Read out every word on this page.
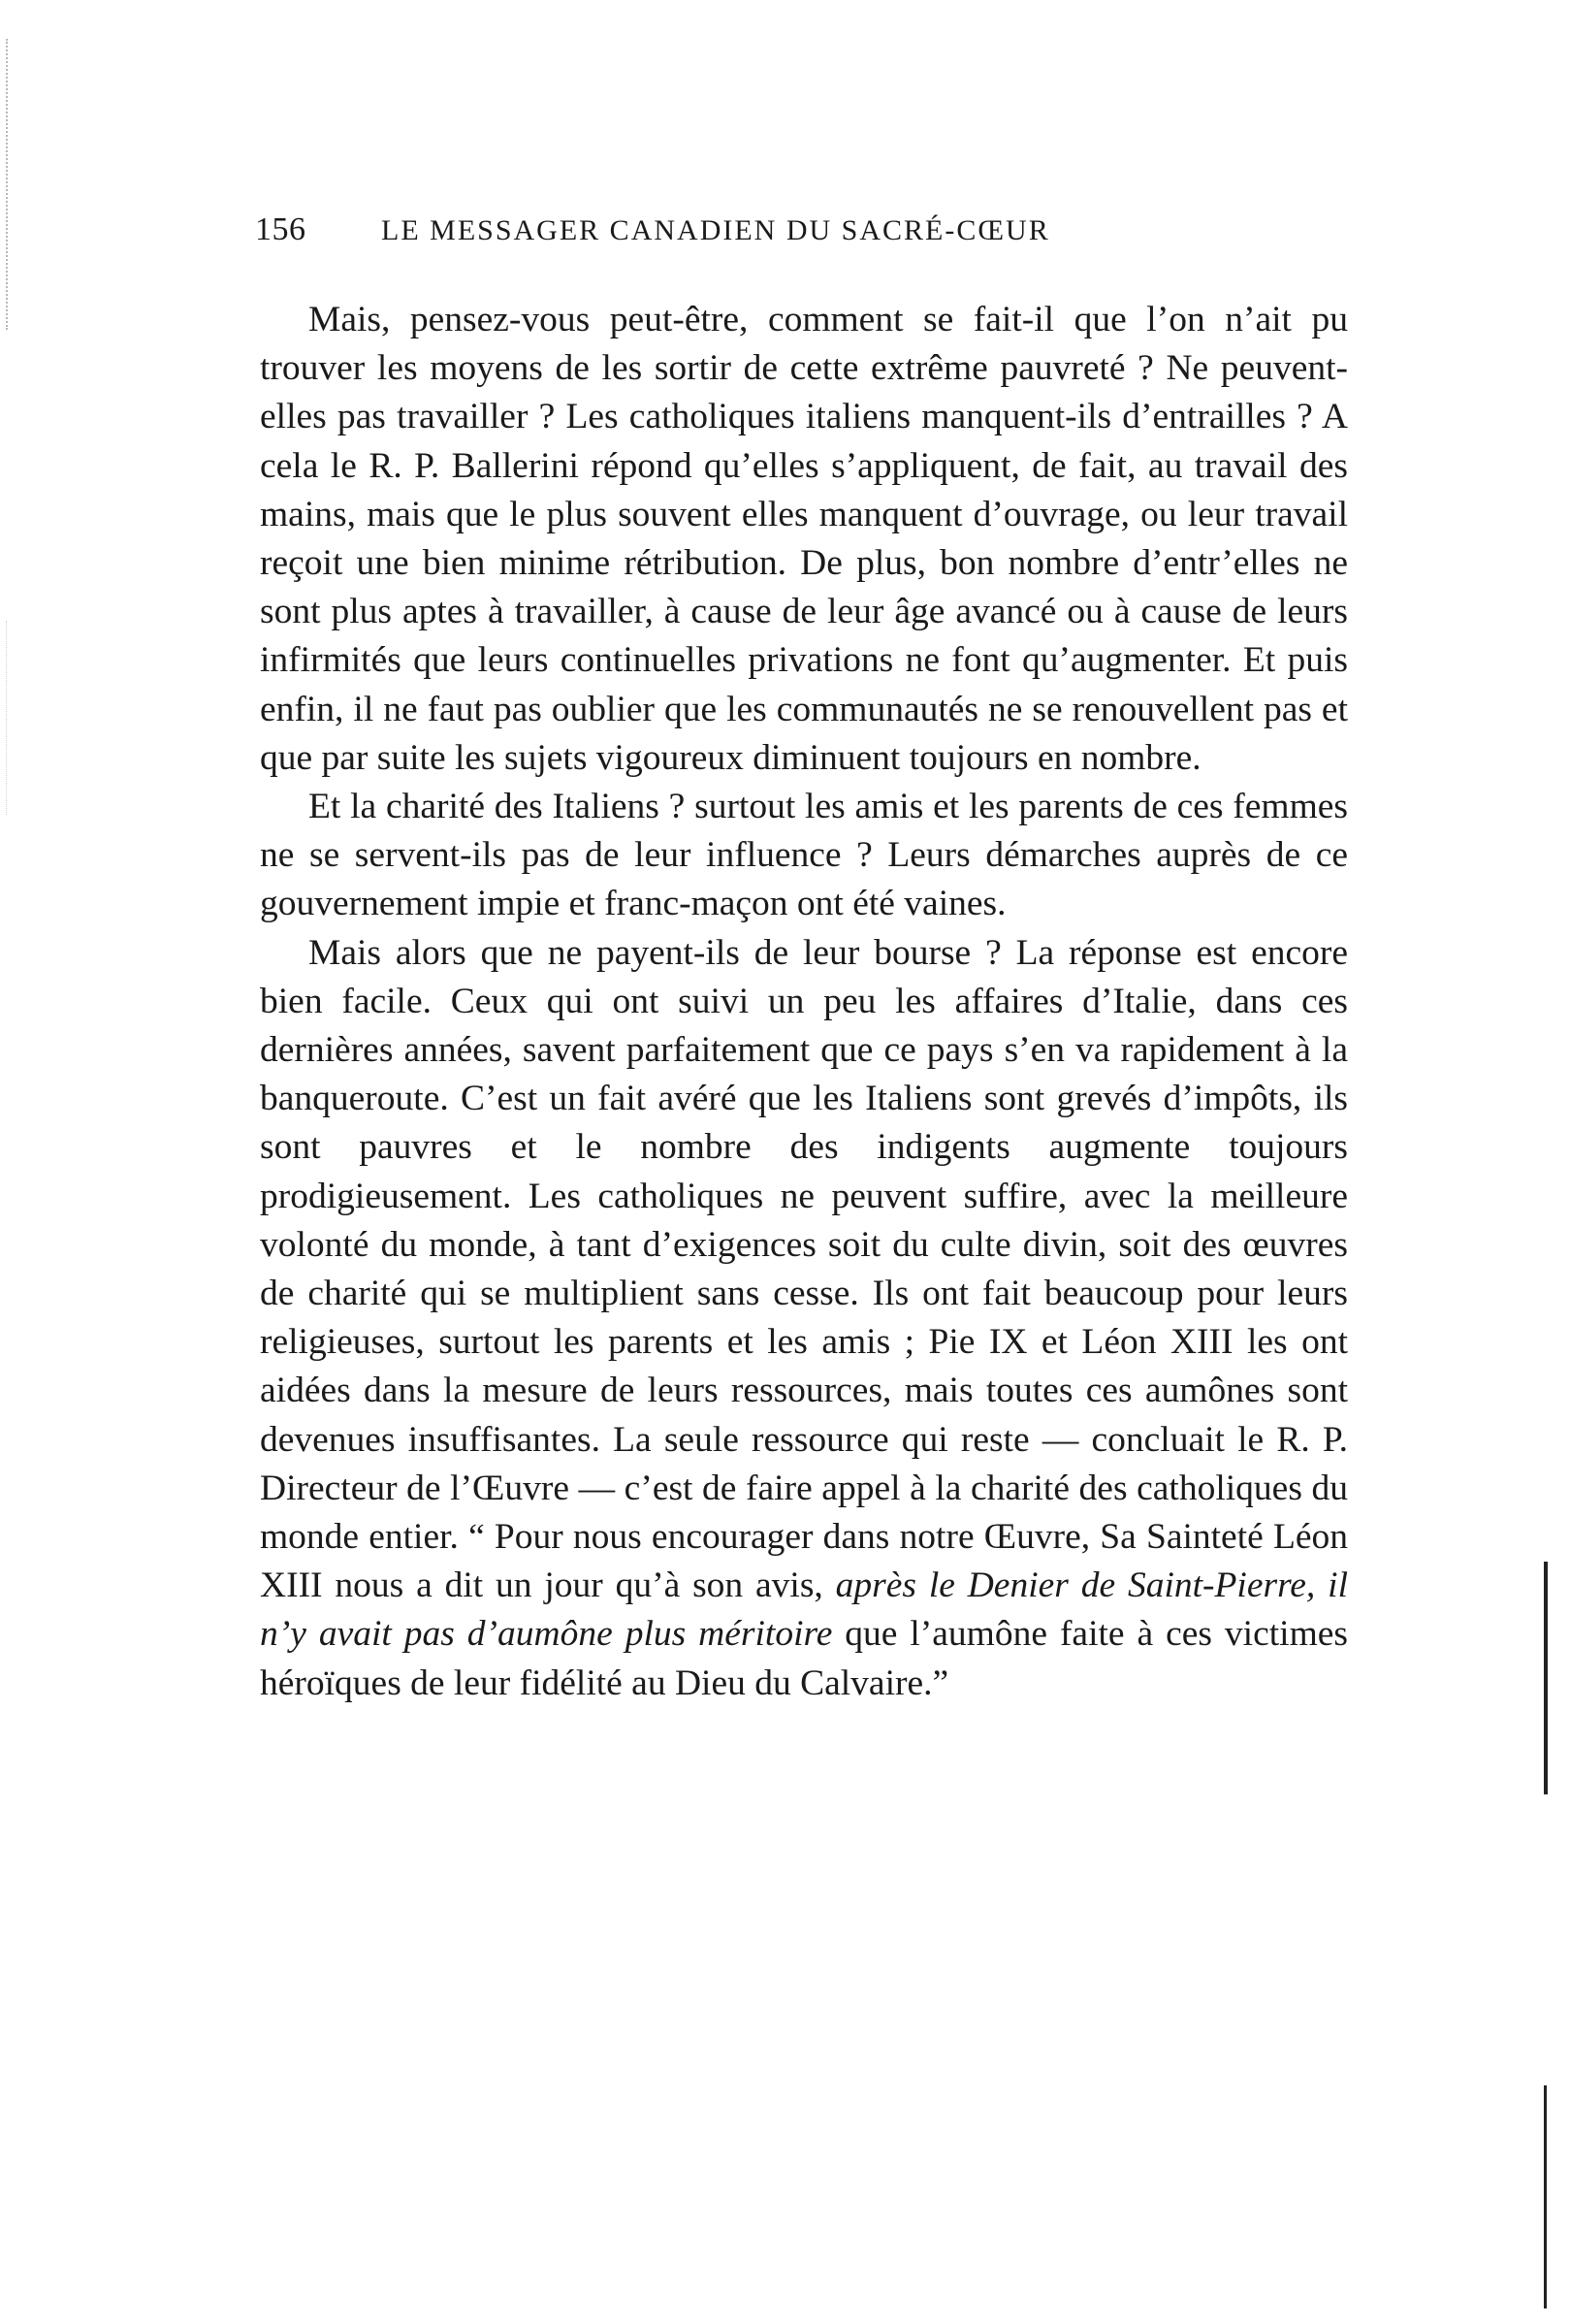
156	LE MESSAGER CANADIEN DU SACRÉ-CŒUR

Mais, pensez-vous peut-être, comment se fait-il que l’on n’ait pu trouver les moyens de les sortir de cette extrême pauvreté ? Ne peuvent-elles pas travailler ? Les catholiques italiens manquent-ils d’entrailles ? A cela le R. P. Ballerini répond qu’elles s’appliquent, de fait, au travail des mains, mais que le plus souvent elles manquent d’ouvrage, ou leur travail reçoit une bien minime rétribution. De plus, bon nombre d’entr’elles ne sont plus aptes à travailler, à cause de leur âge avancé ou à cause de leurs infirmités que leurs continuelles privations ne font qu’augmenter. Et puis enfin, il ne faut pas oublier que les communautés ne se renouvellent pas et que par suite les sujets vigoureux diminuent toujours en nombre.

Et la charité des Italiens ? surtout les amis et les parents de ces femmes ne se servent-ils pas de leur influence ? Leurs démarches auprès de ce gouvernement impie et franc-maçon ont été vaines.

Mais alors que ne payent-ils de leur bourse ? La réponse est encore bien facile. Ceux qui ont suivi un peu les affaires d’Italie, dans ces dernières années, savent parfaitement que ce pays s’en va rapidement à la banqueroute. C’est un fait avéré que les Italiens sont grevés d’impôts, ils sont pauvres et le nombre des indigents augmente toujours prodigieusement. Les catholiques ne peuvent suffire, avec la meilleure volonté du monde, à tant d’exigences soit du culte divin, soit des œuvres de charité qui se multiplient sans cesse. Ils ont fait beaucoup pour leurs religieuses, surtout les parents et les amis ; Pie IX et Léon XIII les ont aidées dans la mesure de leurs ressources, mais toutes ces aumônes sont devenues insuffisantes. La seule ressource qui reste — concluait le R. P. Directeur de l’Œuvre — c’est de faire appel à la charité des catholiques du monde entier. “ Pour nous encourager dans notre Œuvre, Sa Sainteté Léon XIII nous a dit un jour qu’à son avis, après le Denier de Saint-Pierre, il n’y avait pas d’aumône plus méritoire que l’aumône faite à ces victimes héroïques de leur fidélité au Dieu du Calvaire.”
